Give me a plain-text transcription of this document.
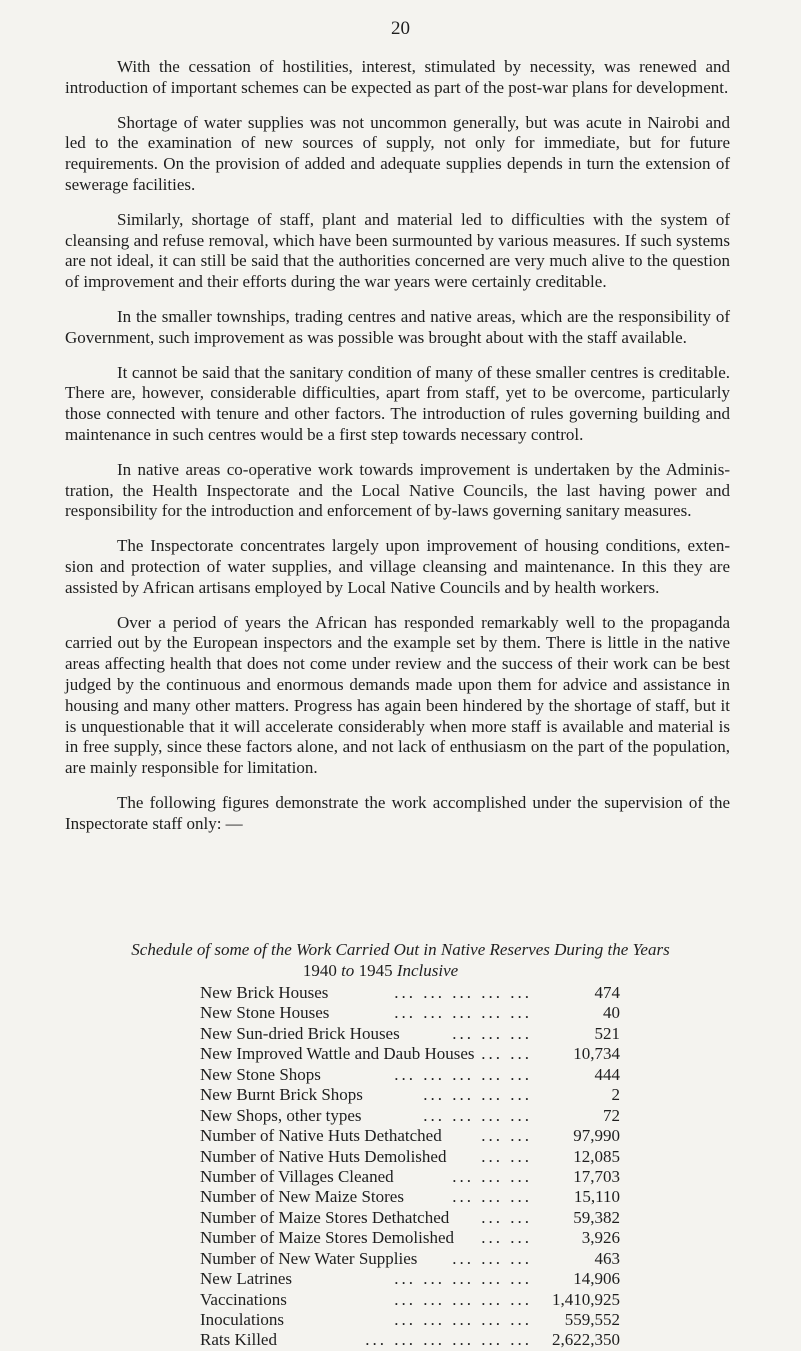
20

With the cessation of hostilities, interest, stimulated by necessity, was renewed and introduction of important schemes can be expected as part of the post-war plans for development.

Shortage of water supplies was not uncommon generally, but was acute in Nairobi and led to the examination of new sources of supply, not only for immediate, but for future requirements. On the provision of added and adequate supplies depends in turn the extension of sewerage facilities.

Similarly, shortage of staff, plant and material led to difficulties with the system of cleansing and refuse removal, which have been surmounted by various measures. If such systems are not ideal, it can still be said that the authorities concerned are very much alive to the question of improvement and their efforts during the war years were certainly creditable.

In the smaller townships, trading centres and native areas, which are the responsibility of Government, such improvement as was possible was brought about with the staff available.

It cannot be said that the sanitary condition of many of these smaller centres is creditable. There are, however, considerable difficulties, apart from staff, yet to be overcome, particularly those connected with tenure and other factors. The introduction of rules governing building and maintenance in such centres would be a first step towards necessary control.

In native areas co-operative work towards improvement is undertaken by the Adminis- tration, the Health Inspectorate and the Local Native Councils, the last having power and responsibility for the introduction and enforcement of by-laws governing sanitary measures.

The Inspectorate concentrates largely upon improvement of housing conditions, exten- sion and protection of water supplies, and village cleansing and maintenance. In this they are assisted by African artisans employed by Local Native Councils and by health workers.

Over a period of years the African has responded remarkably well to the propaganda carried out by the European inspectors and the example set by them. There is little in the native areas affecting health that does not come under review and the success of their work can be best judged by the continuous and enormous demands made upon them for advice and assistance in housing and many other matters. Progress has again been hindered by the shortage of staff, but it is unquestionable that it will accelerate considerably when more staff is available and material is in free supply, since these factors alone, and not lack of enthusiasm on the part of the population, are mainly responsible for limitation.

The following figures demonstrate the work accomplished under the supervision of the Inspectorate staff only: —

Schedule of some of the Work Carried Out in Native Reserves During the Years
1940 to 1945 Inclusive
New Brick Houses	... ... ... ... ...	474
New Stone Houses	... ... ... ... ...	40
New Sun-dried Brick Houses	... ... ...	521
New Improved Wattle and Daub Houses ... ...	10,734
New Stone Shops	... ... ... ... ...	444
New Burnt Brick Shops	... ... ... ...	2
New Shops, other types	... ... ... ...	72
Number of Native Huts Dethatched	... ...	97,990
Number of Native Huts Demolished	... ...	12,085
Number of Villages Cleaned	... ... ...	17,703
Number of New Maize Stores	... ... ...	15,110
Number of Maize Stores Dethatched	... ...	59,382
Number of Maize Stores Demolished	... ...	3,926
Number of New Water Supplies	... ... ...	463
New Latrines	... ... ... ... ...	14,906
Vaccinations	... ... ... ... ...	1,410,925
Inoculations	... ... ... ... ...	559,552
Rats Killed	... ... ... ... ... ...	2,622,350
